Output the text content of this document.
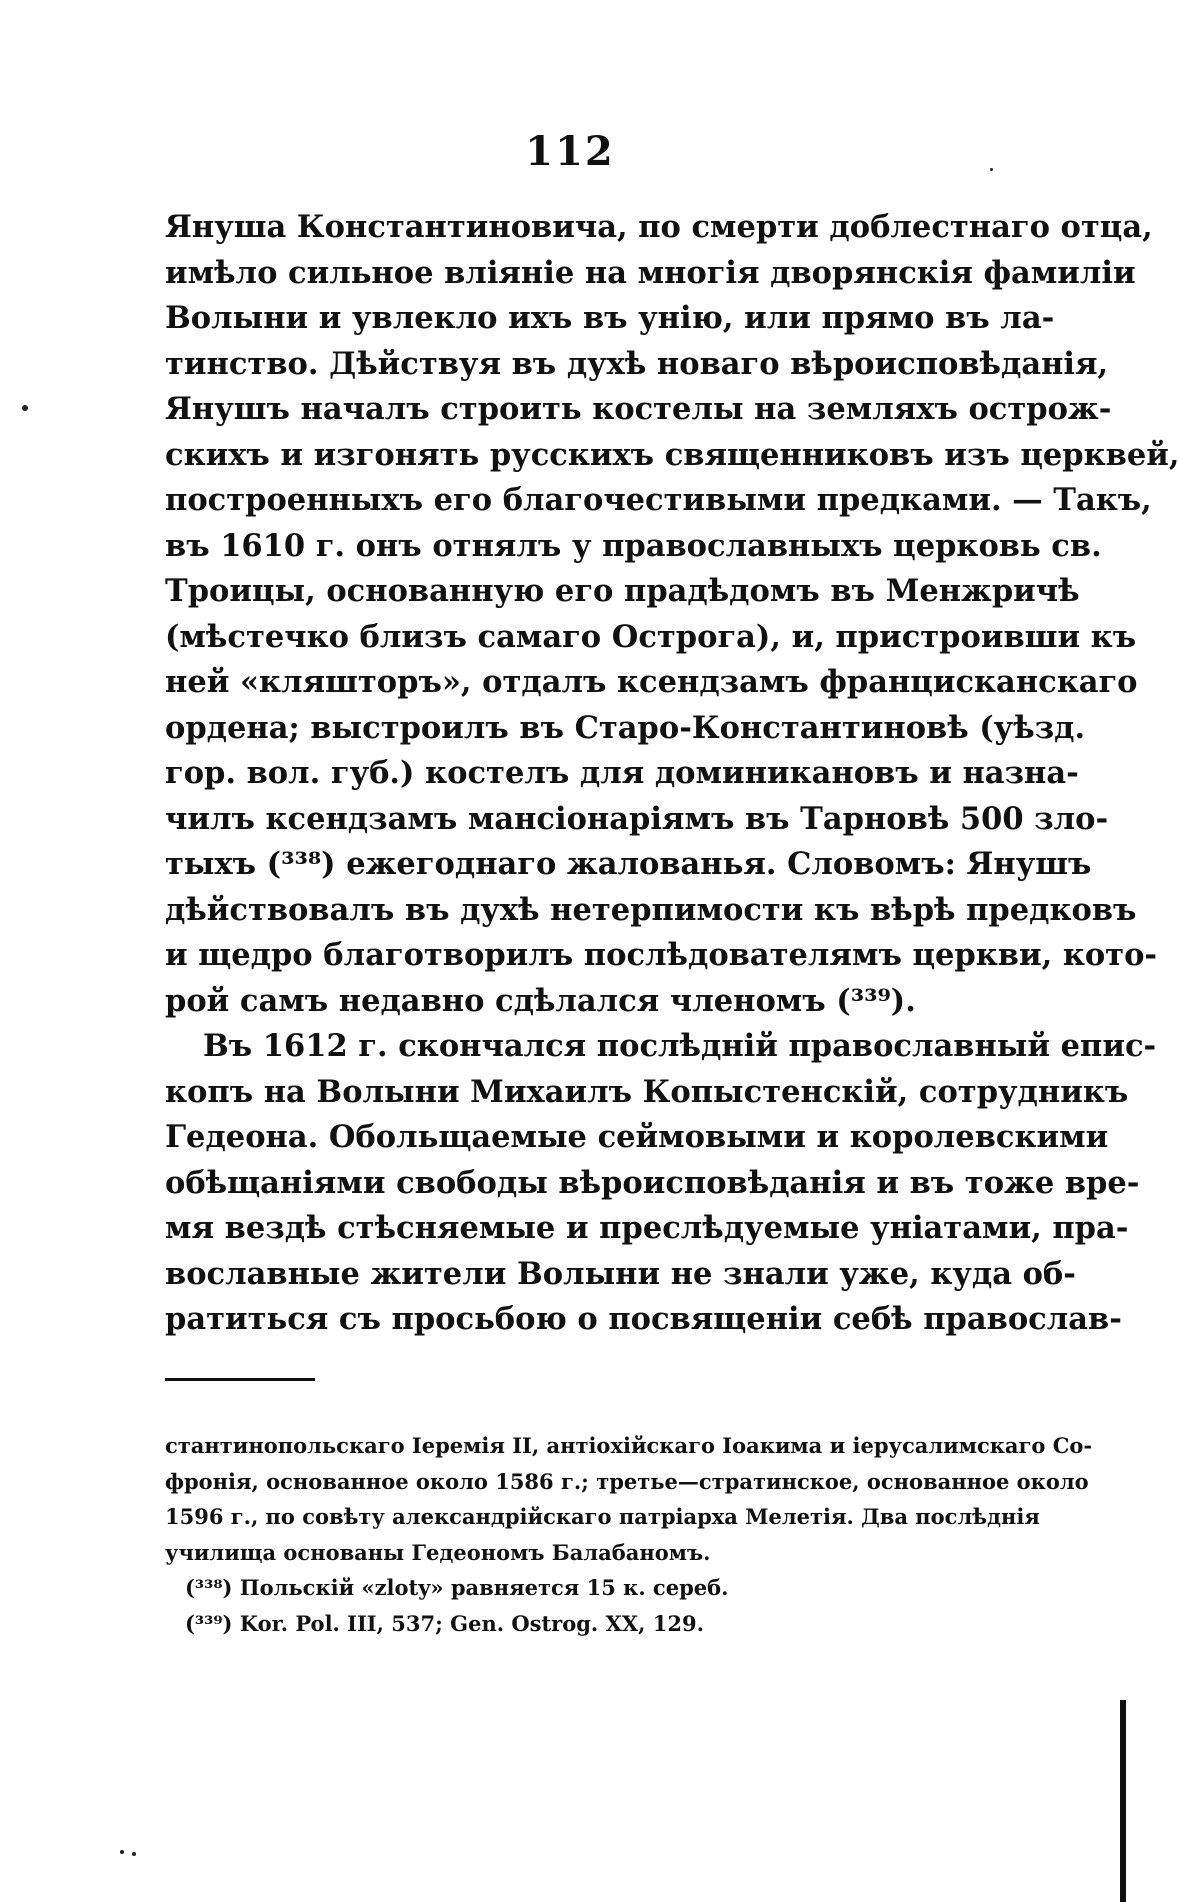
112
Януша Константиновича, по смерти доблестнаго отца,
имѣло сильное вліяніе на многія дворянскія фамиліи
Волыни и увлекло ихъ въ унію, или прямо въ ла-
тинство. Дѣйствуя въ духѣ новаго вѣроисповѣданія,
Янушъ началъ строить костелы на земляхъ острож-
скихъ и изгонять русскихъ священниковъ изъ церквей,
построенныхъ его благочестивыми предками. — Такъ,
въ 1610 г. онъ отнялъ у православныхъ церковь св.
Троицы, основанную его прадѣдомъ въ Менжричѣ
(мѣстечко близъ самаго Острога), и, пристроивши къ
ней «кляшторъ», отдалъ ксендзамъ францисканскаго
ордена; выстроилъ въ Старо-Константиновѣ (уѣзд.
гор. вол. губ.) костелъ для доминикановъ и назна-
чилъ ксендзамъ мансіонаріямъ въ Тарновѣ 500 зло-
тыхъ (³³⁸) ежегоднаго жалованья. Словомъ: Янушъ
дѣйствовалъ въ духѣ нетерпимости къ вѣрѣ предковъ
и щедро благотворилъ послѣдователямъ церкви, кото-
рой самъ недавно сдѣлался членомъ (³³⁹).
Въ 1612 г. скончался послѣдній православный епис-
копъ на Волыни Михаилъ Копыстенскій, сотрудникъ
Гедеона. Обольщаемые сеймовыми и королевскими
обѣщаніями свободы вѣроисповѣданія и въ тоже вре-
мя вездѣ стѣсняемые и преслѣдуемые уніатами, пра-
вославные жители Волыни не знали уже, куда об-
ратиться съ просьбою о посвященіи себѣ православ-
стантинопольскаго Іеремія II, антіохійскаго Іоакима и іерусалимскаго Со-
фронія, основанное около 1586 г.; третье—стратинское, основанное около
1596 г., по совѣту александрійскаго патріарха Мелетія. Два послѣднія
училища основаны Гедеономъ Балабаномъ.
(³³⁸) Польскій «zloty» равняется 15 к. сереб.
(³³⁹) Kor. Pol. III, 537; Gen. Ostrog. XX, 129.
